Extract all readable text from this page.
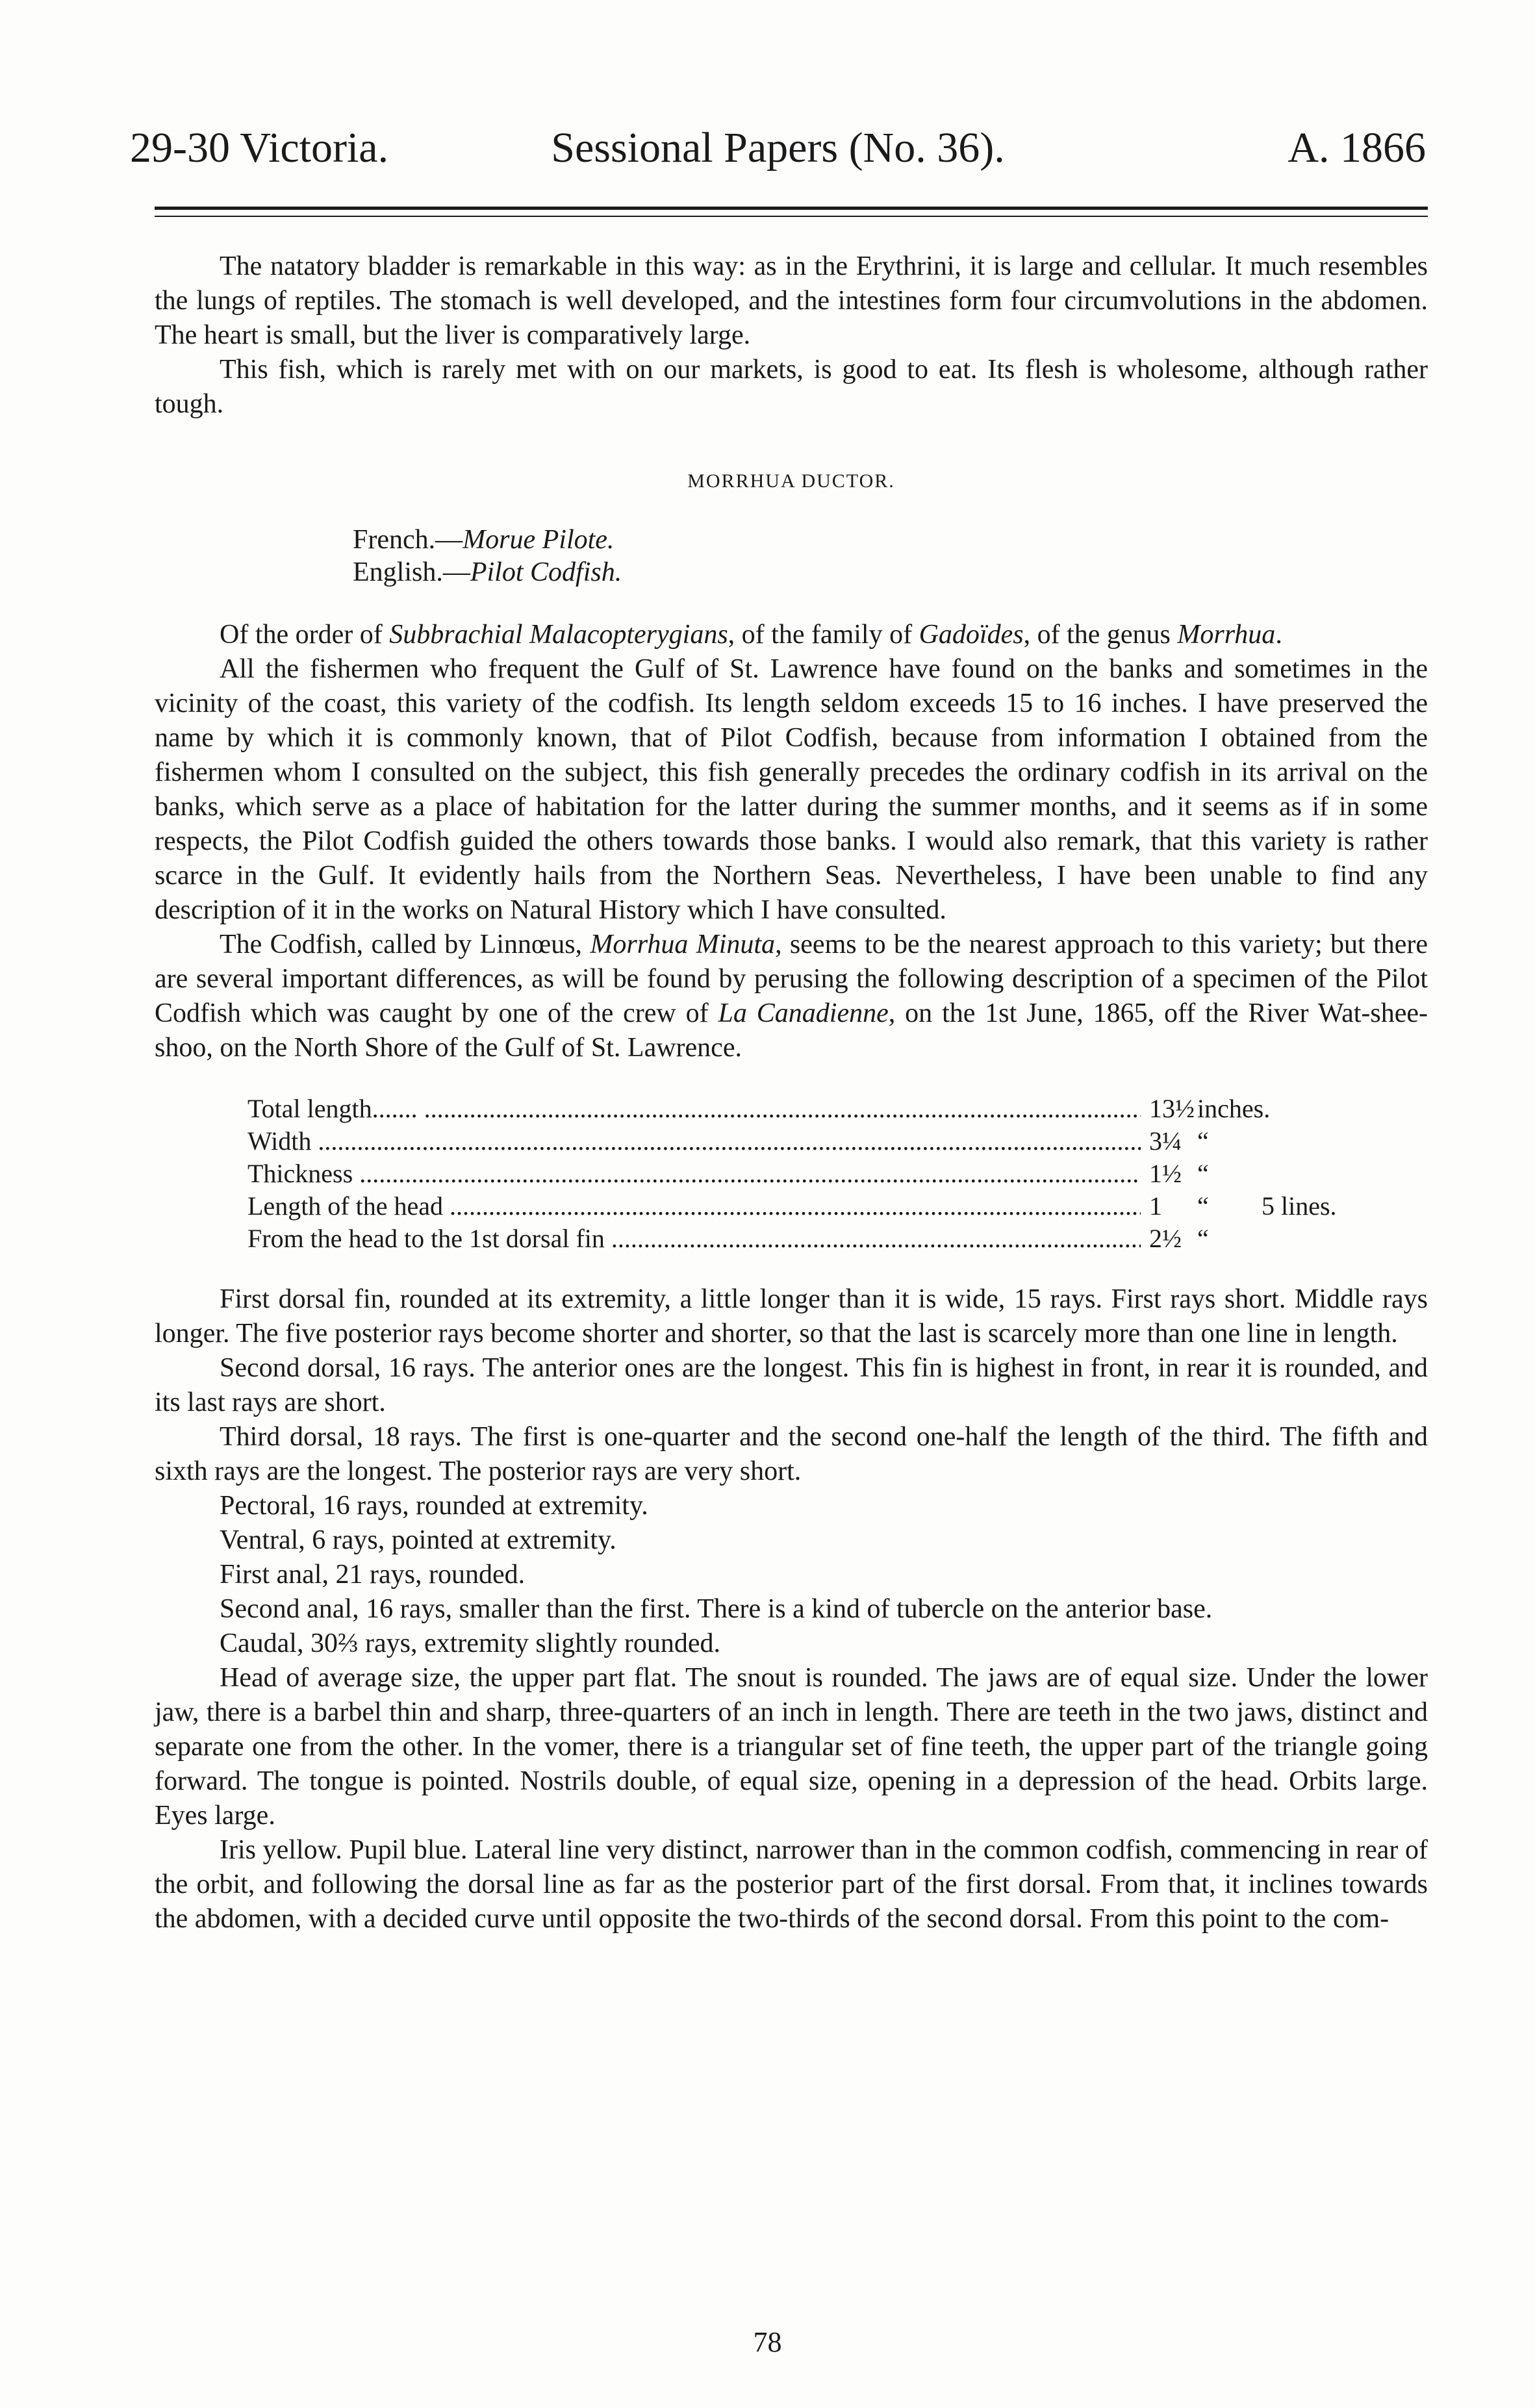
29-30 Victoria.	Sessional Papers (No. 36).	A. 1866

The natatory bladder is remarkable in this way: as in the Erythrini, it is large and cellular. It much resembles the lungs of reptiles. The stomach is well developed, and the intestines form four circumvolutions in the abdomen. The heart is small, but the liver is comparatively large.

This fish, which is rarely met with on our markets, is good to eat. Its flesh is wholesome, although rather tough.

MORRHUA DUCTOR.
French.—Morue Pilote.
English.—Pilot Codfish.

Of the order of Subbrachial Malacopterygians, of the family of Gadoïdes, of the genus Morrhua.

All the fishermen who frequent the Gulf of St. Lawrence have found on the banks and sometimes in the vicinity of the coast, this variety of the codfish. Its length seldom exceeds 15 to 16 inches. I have preserved the name by which it is commonly known, that of Pilot Codfish, because from information I obtained from the fishermen whom I consulted on the subject, this fish generally precedes the ordinary codfish in its arrival on the banks, which serve as a place of habitation for the latter during the summer months, and it seems as if in some respects, the Pilot Codfish guided the others towards those banks. I would also remark, that this variety is rather scarce in the Gulf. It evidently hails from the Northern Seas. Nevertheless, I have been unable to find any description of it in the works on Natural History which I have consulted.

The Codfish, called by Linnœus, Morrhua Minuta, seems to be the nearest approach to this variety; but there are several important differences, as will be found by perusing the following description of a specimen of the Pilot Codfish which was caught by one of the crew of La Canadienne, on the 1st June, 1865, off the River Wat-shee-shoo, on the North Shore of the Gulf of St. Lawrence.

Total length....... .....	13½ inches.
Width .....	3¼ “
Thickness .....	1½ “
Length of the head .....	1	“ 5 lines.
From the head to the 1st dorsal fin .....	2½ “

First dorsal fin, rounded at its extremity, a little longer than it is wide, 15 rays. First rays short. Middle rays longer. The five posterior rays become shorter and shorter, so that the last is scarcely more than one line in length.

Second dorsal, 16 rays. The anterior ones are the longest. This fin is highest in front, in rear it is rounded, and its last rays are short.

Third dorsal, 18 rays. The first is one-quarter and the second one-half the length of the third. The fifth and sixth rays are the longest. The posterior rays are very short.

Pectoral, 16 rays, rounded at extremity.

Ventral, 6 rays, pointed at extremity.

First anal, 21 rays, rounded.

Second anal, 16 rays, smaller than the first. There is a kind of tubercle on the anterior base.

Caudal, 30⅔ rays, extremity slightly rounded.

Head of average size, the upper part flat. The snout is rounded. The jaws are of equal size. Under the lower jaw, there is a barbel thin and sharp, three-quarters of an inch in length. There are teeth in the two jaws, distinct and separate one from the other. In the vomer, there is a triangular set of fine teeth, the upper part of the triangle going forward. The tongue is pointed. Nostrils double, of equal size, opening in a depression of the head. Orbits large. Eyes large.

Iris yellow. Pupil blue. Lateral line very distinct, narrower than in the common codfish, commencing in rear of the orbit, and following the dorsal line as far as the posterior part of the first dorsal. From that, it inclines towards the abdomen, with a decided curve until opposite the two-thirds of the second dorsal. From this point to the com-

78
